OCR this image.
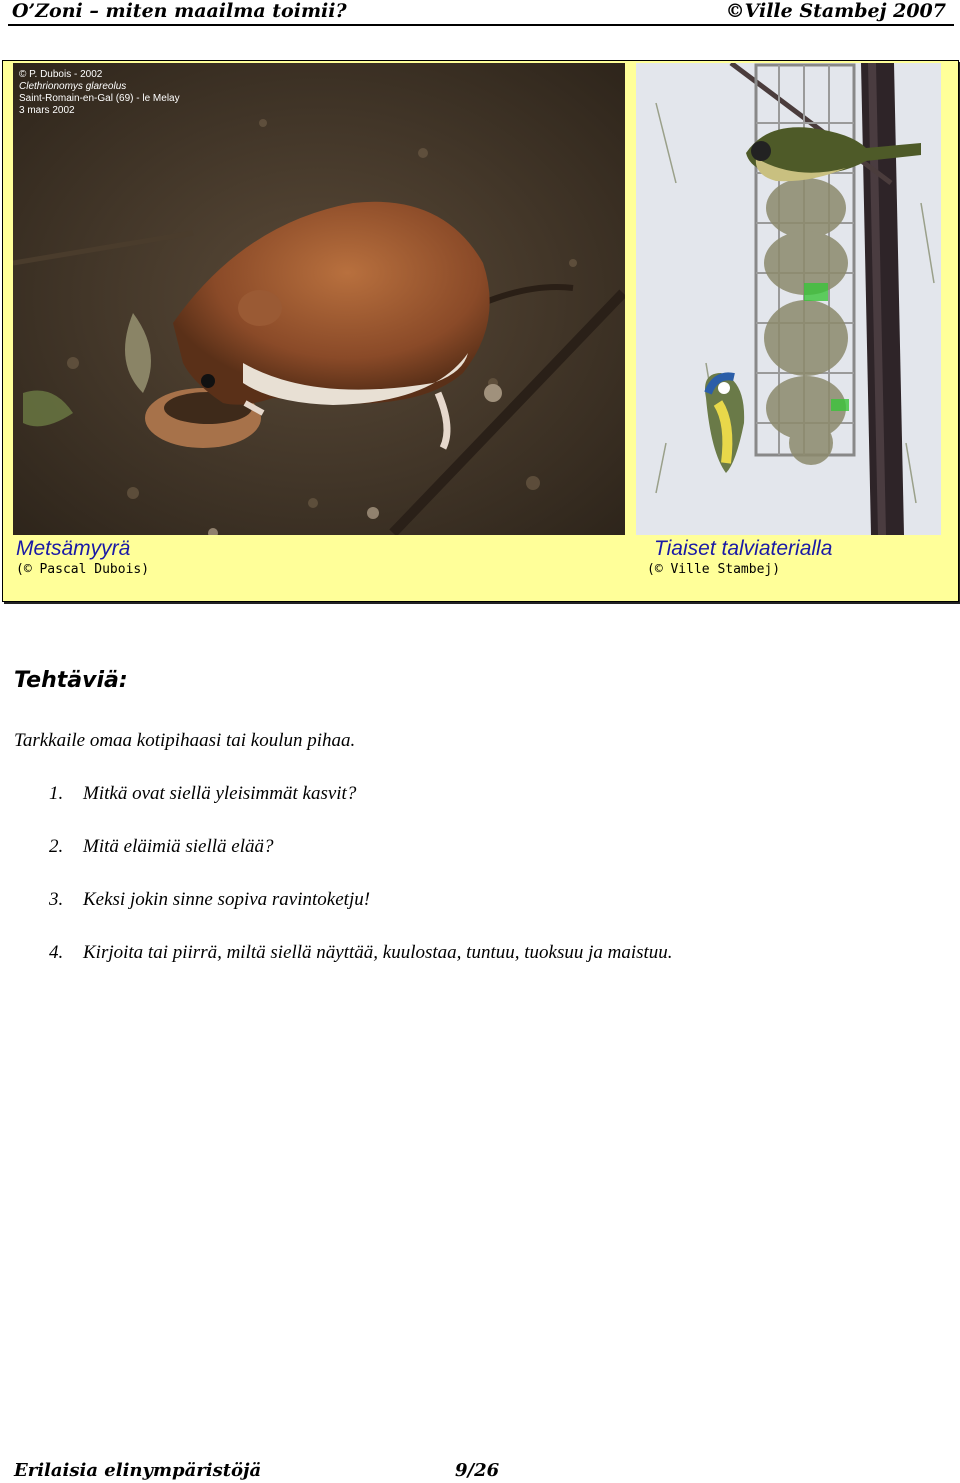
O’Zoni – miten maailma toimii?	©Ville Stambej 2007
© P. Dubois - 2002
Clethrionomys glareolus
Saint-Romain-en-Gal (69) - le Melay
3 mars 2002
Metsämyyrä
(© Pascal Dubois)
Tiaiset talviaterialla
(© Ville Stambej)
Tehtäviä:
Tarkkaile omaa kotipihaasi tai koulun pihaa.
1. Mitkä ovat siellä yleisimmät kasvit?
2. Mitä eläimiä siellä elää?
3. Keksi jokin sinne sopiva ravintoketju!
4. Kirjoita tai piirrä, miltä siellä näyttää, kuulostaa, tuntuu, tuoksuu ja maistuu.
Erilaisia elinympäristöjä	9/26
